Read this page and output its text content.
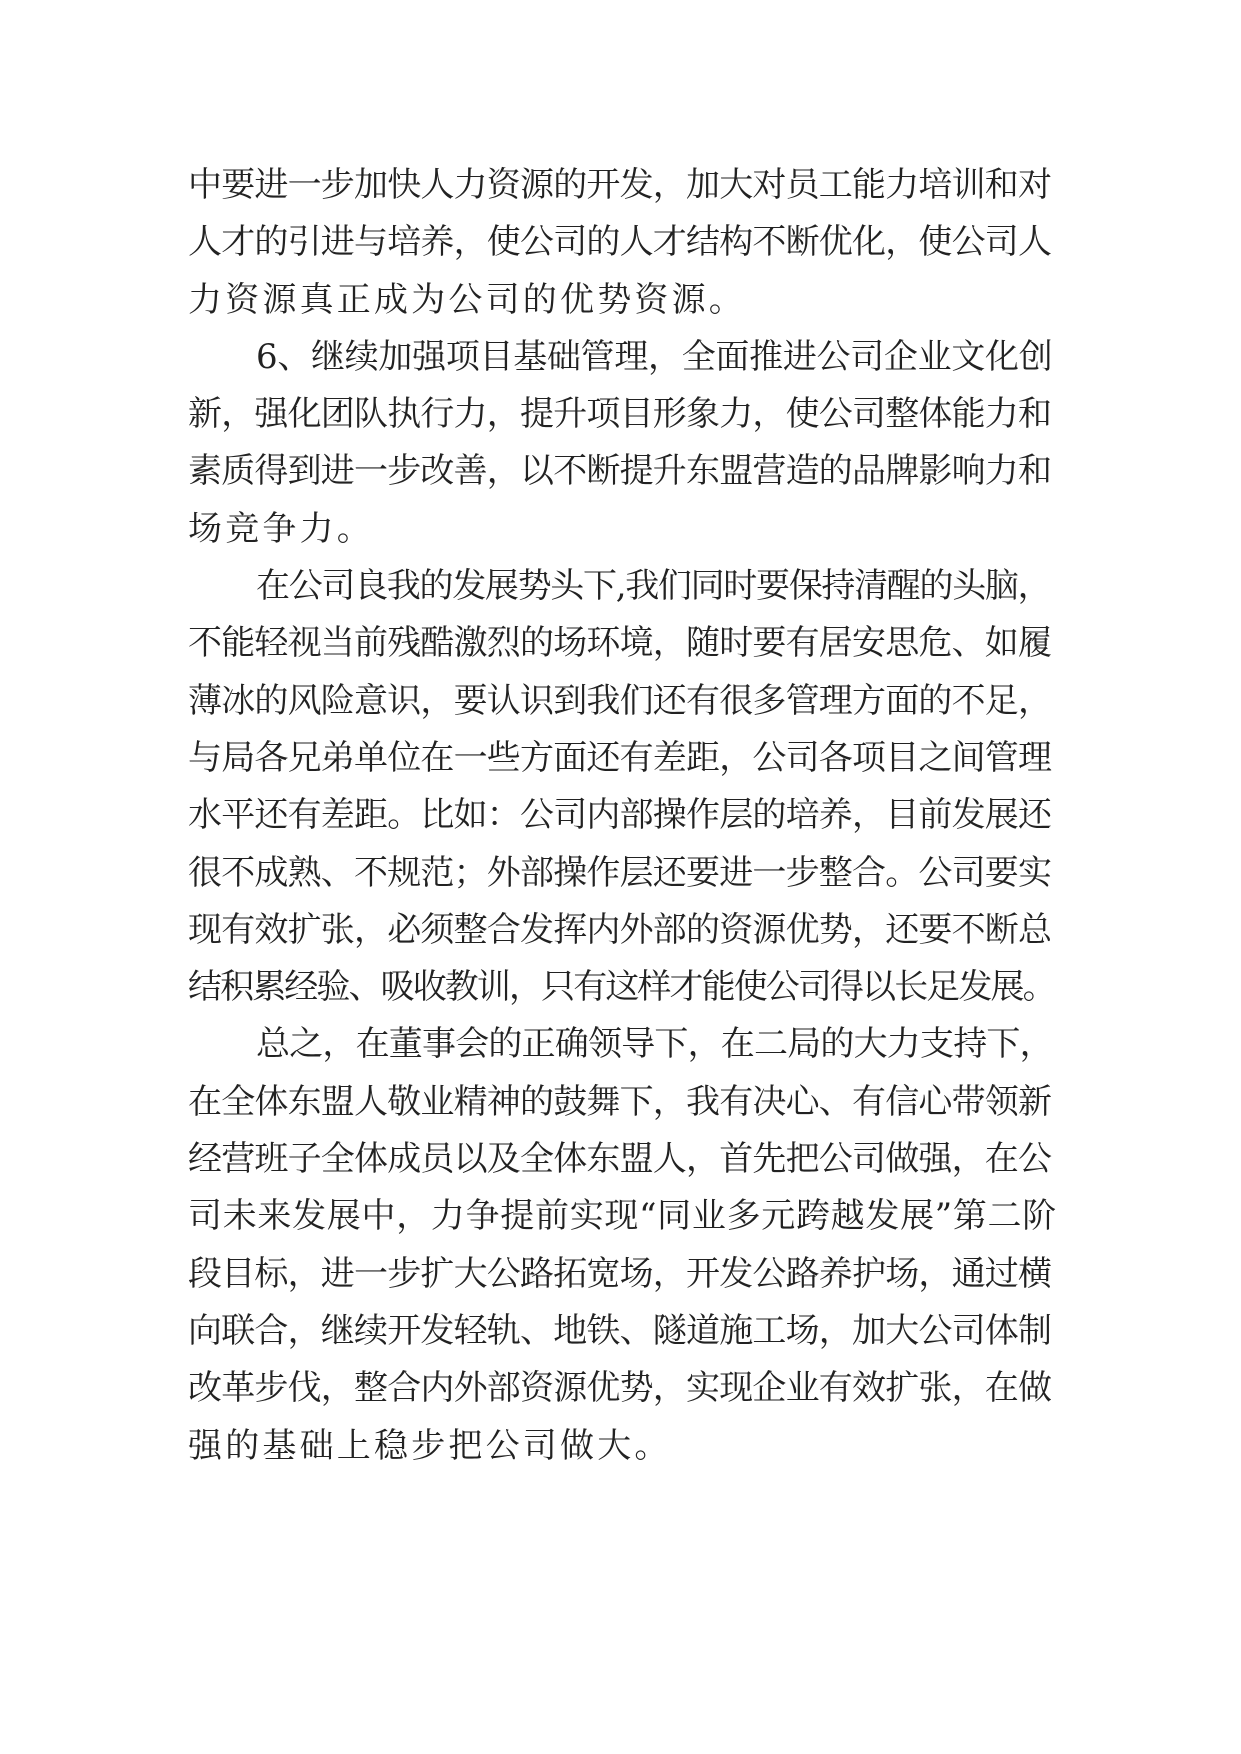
中要进一步加快人力资源的开发，加大对员工能力培训和对
人才的引进与培养，使公司的人才结构不断优化，使公司人
力资源真正成为公司的优势资源。
6、继续加强项目基础管理，全面推进公司企业文化创
新，强化团队执行力，提升项目形象力，使公司整体能力和
素质得到进一步改善，以不断提升东盟营造的品牌影响力和
场竞争力。
在公司良我的发展势头下,我们同时要保持清醒的头脑，
不能轻视当前残酷激烈的场环境，随时要有居安思危、如履
薄冰的风险意识，要认识到我们还有很多管理方面的不足，
与局各兄弟单位在一些方面还有差距，公司各项目之间管理
水平还有差距。比如：公司内部操作层的培养，目前发展还
很不成熟、不规范；外部操作层还要进一步整合。公司要实
现有效扩张，必须整合发挥内外部的资源优势，还要不断总
结积累经验、吸收教训，只有这样才能使公司得以长足发展。
总之，在董事会的正确领导下，在二局的大力支持下，
在全体东盟人敬业精神的鼓舞下，我有决心、有信心带领新
经营班子全体成员以及全体东盟人，首先把公司做强，在公
司未来发展中，力争提前实现“同业多元跨越发展”第二阶
段目标，进一步扩大公路拓宽场，开发公路养护场，通过横
向联合，继续开发轻轨、地铁、隧道施工场，加大公司体制
改革步伐，整合内外部资源优势，实现企业有效扩张，在做
强的基础上稳步把公司做大。
